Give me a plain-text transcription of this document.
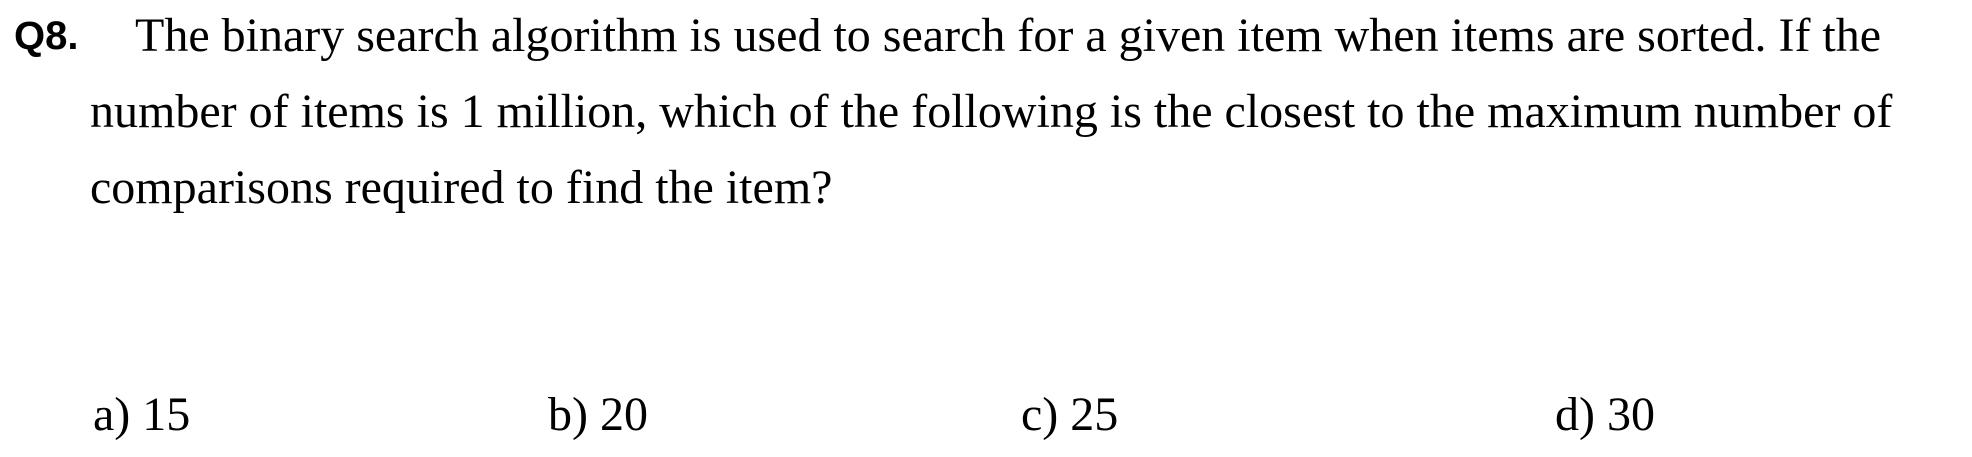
Q8. The binary search algorithm is used to search for a given item when items are sorted. If the
number of items is 1 million, which of the following is the closest to the maximum number of
comparisons required to find the item?
a) 15	b) 20	c) 25	d) 30
